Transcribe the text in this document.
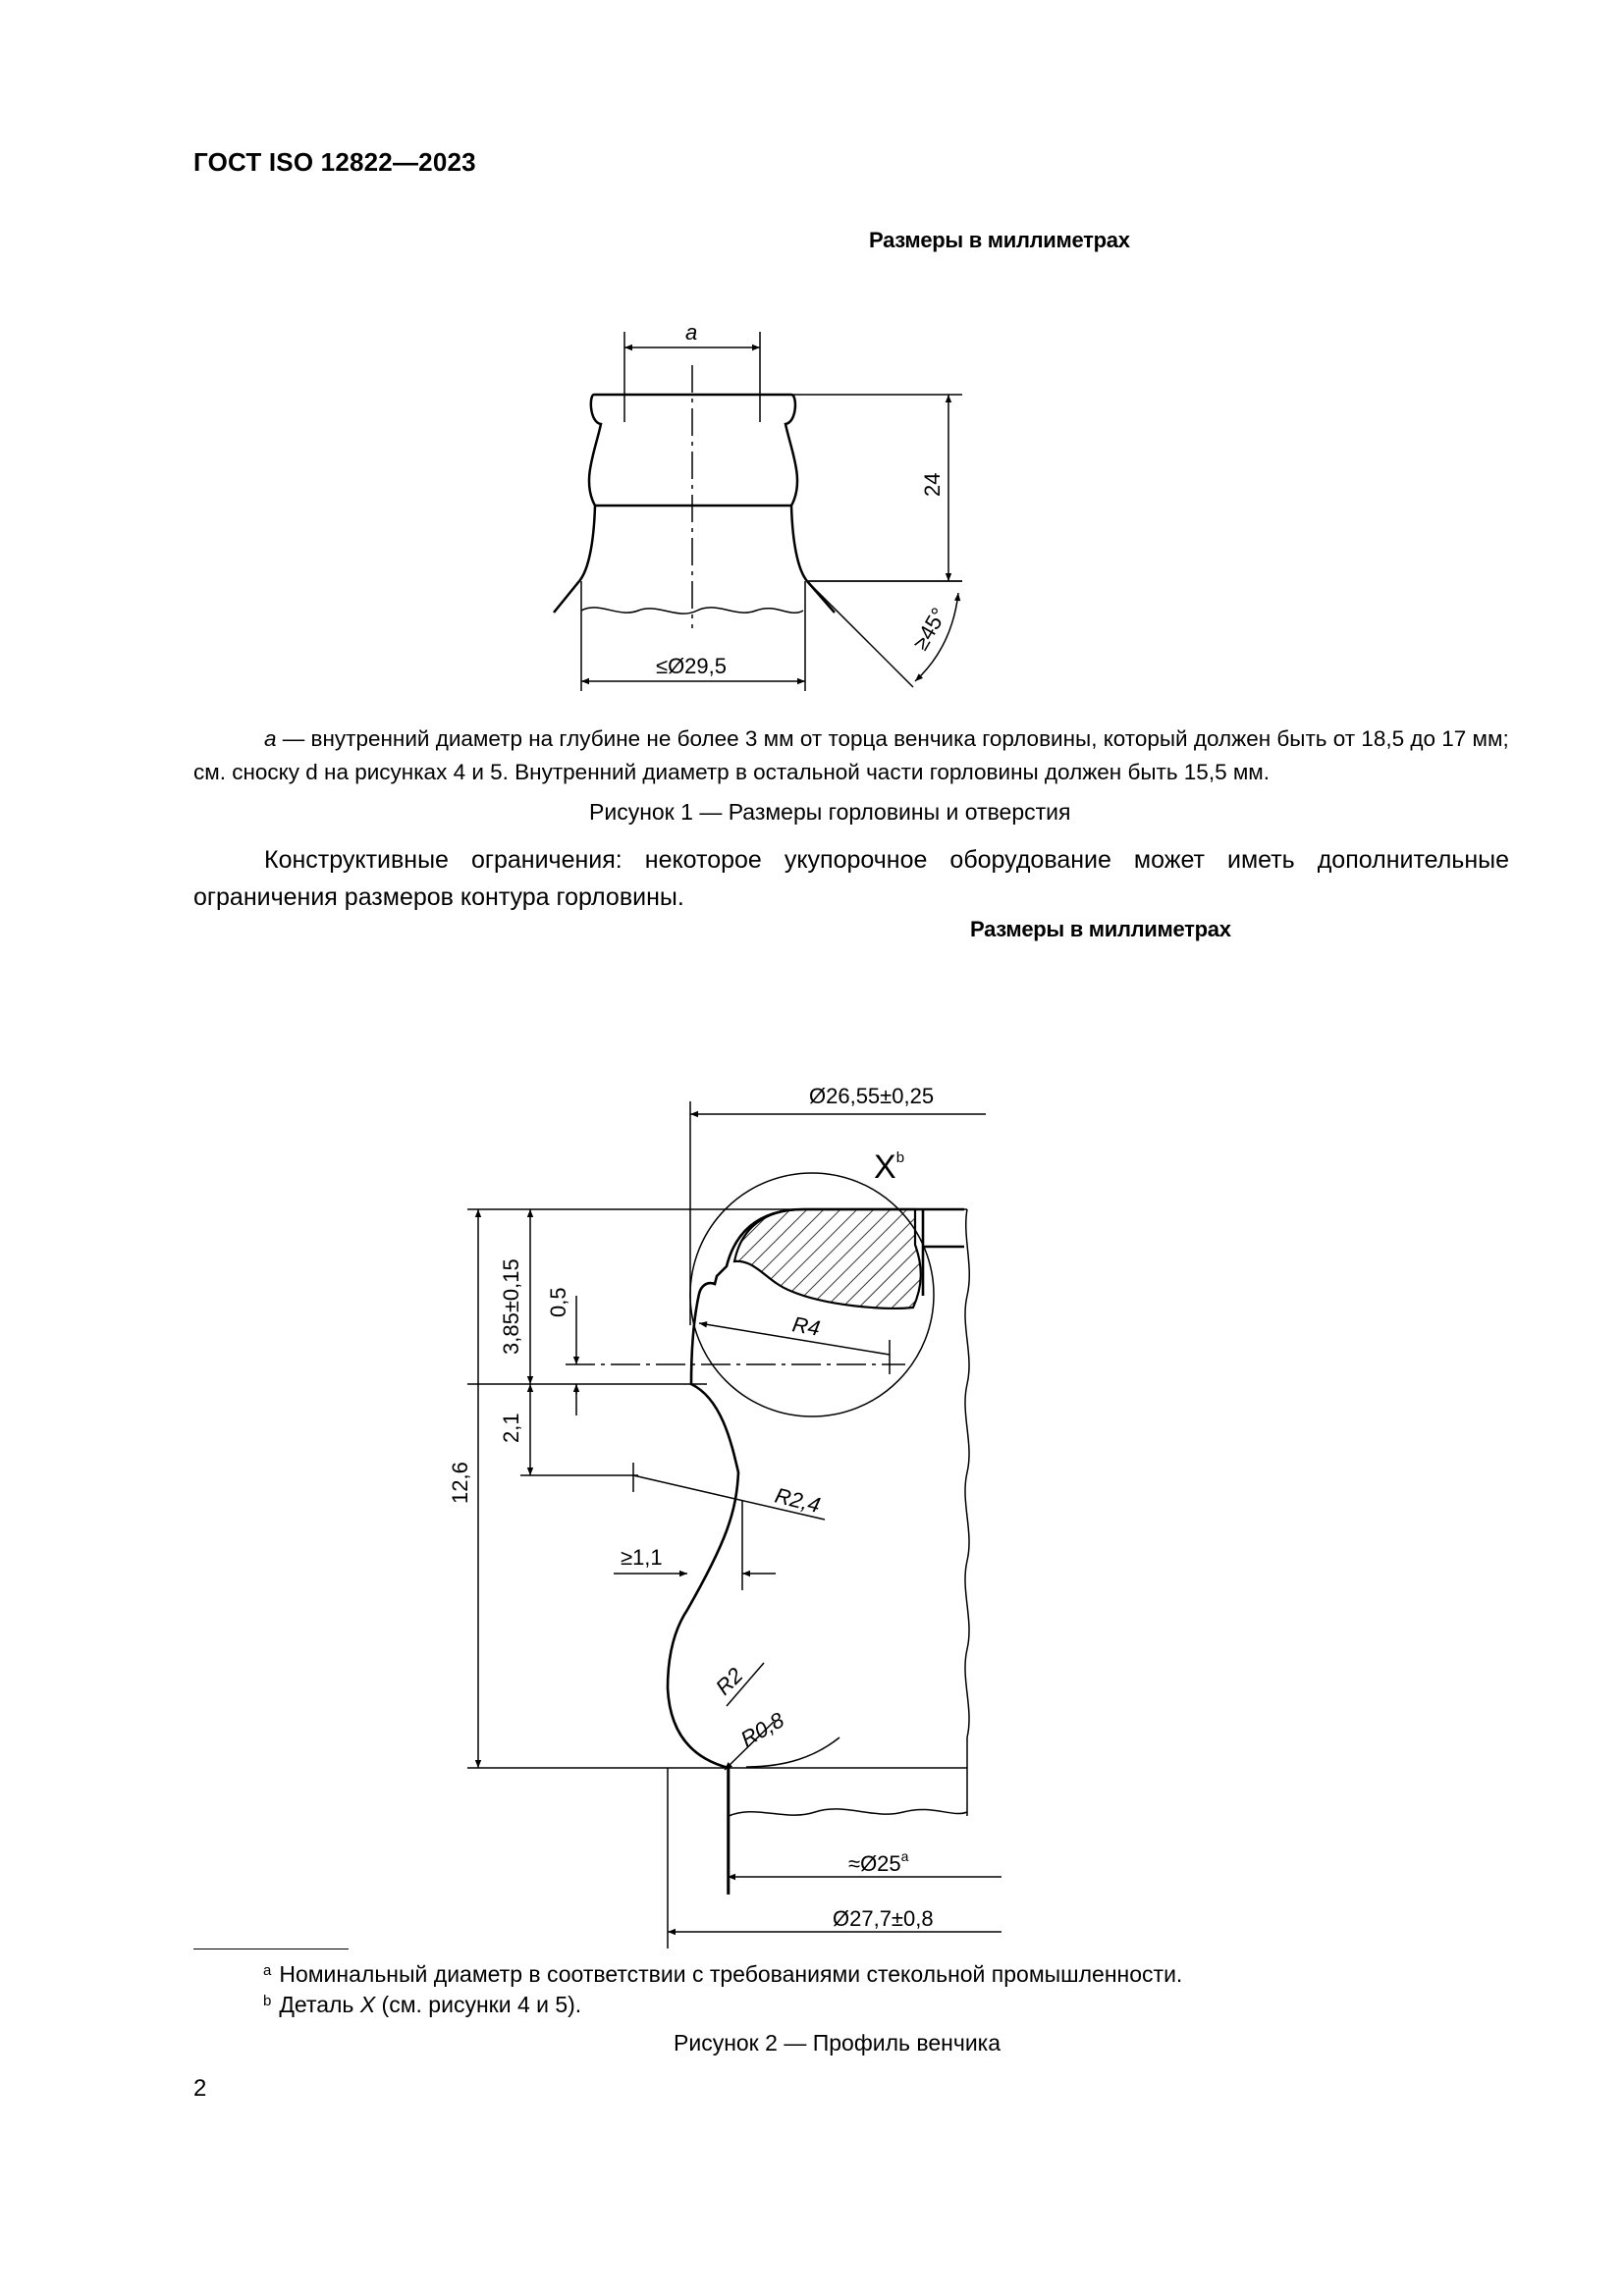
ГОСТ ISO 12822—2023
Размеры в миллиметрах
a
24
≤Ø29,5
≥45°
a — внутренний диаметр на глубине не более 3 мм от торца венчика горловины, который должен быть от 18,5 до 17 мм; см. сноску d на рисунках 4 и 5. Внутренний диаметр в остальной части горловины должен быть 15,5 мм.
Рисунок 1 — Размеры горловины и отверстия
Конструктивные ограничения: некоторое укупорочное оборудование может иметь дополнительные ограничения размеров контура горловины.
Размеры в миллиметрах
Ø26,55±0,25
$X^b$
3,85±0,15 0,5
2,1
12,6
R4
R2,4
≥1,1
R2
R0,8
$\approx Ø25^a$
Ø27,7±0,8
$^a$ Номинальный диаметр в соответствии с требованиями стекольной промышленности.
$^b$ Деталь X (см. рисунки 4 и 5).
Рисунок 2 — Профиль венчика
2
